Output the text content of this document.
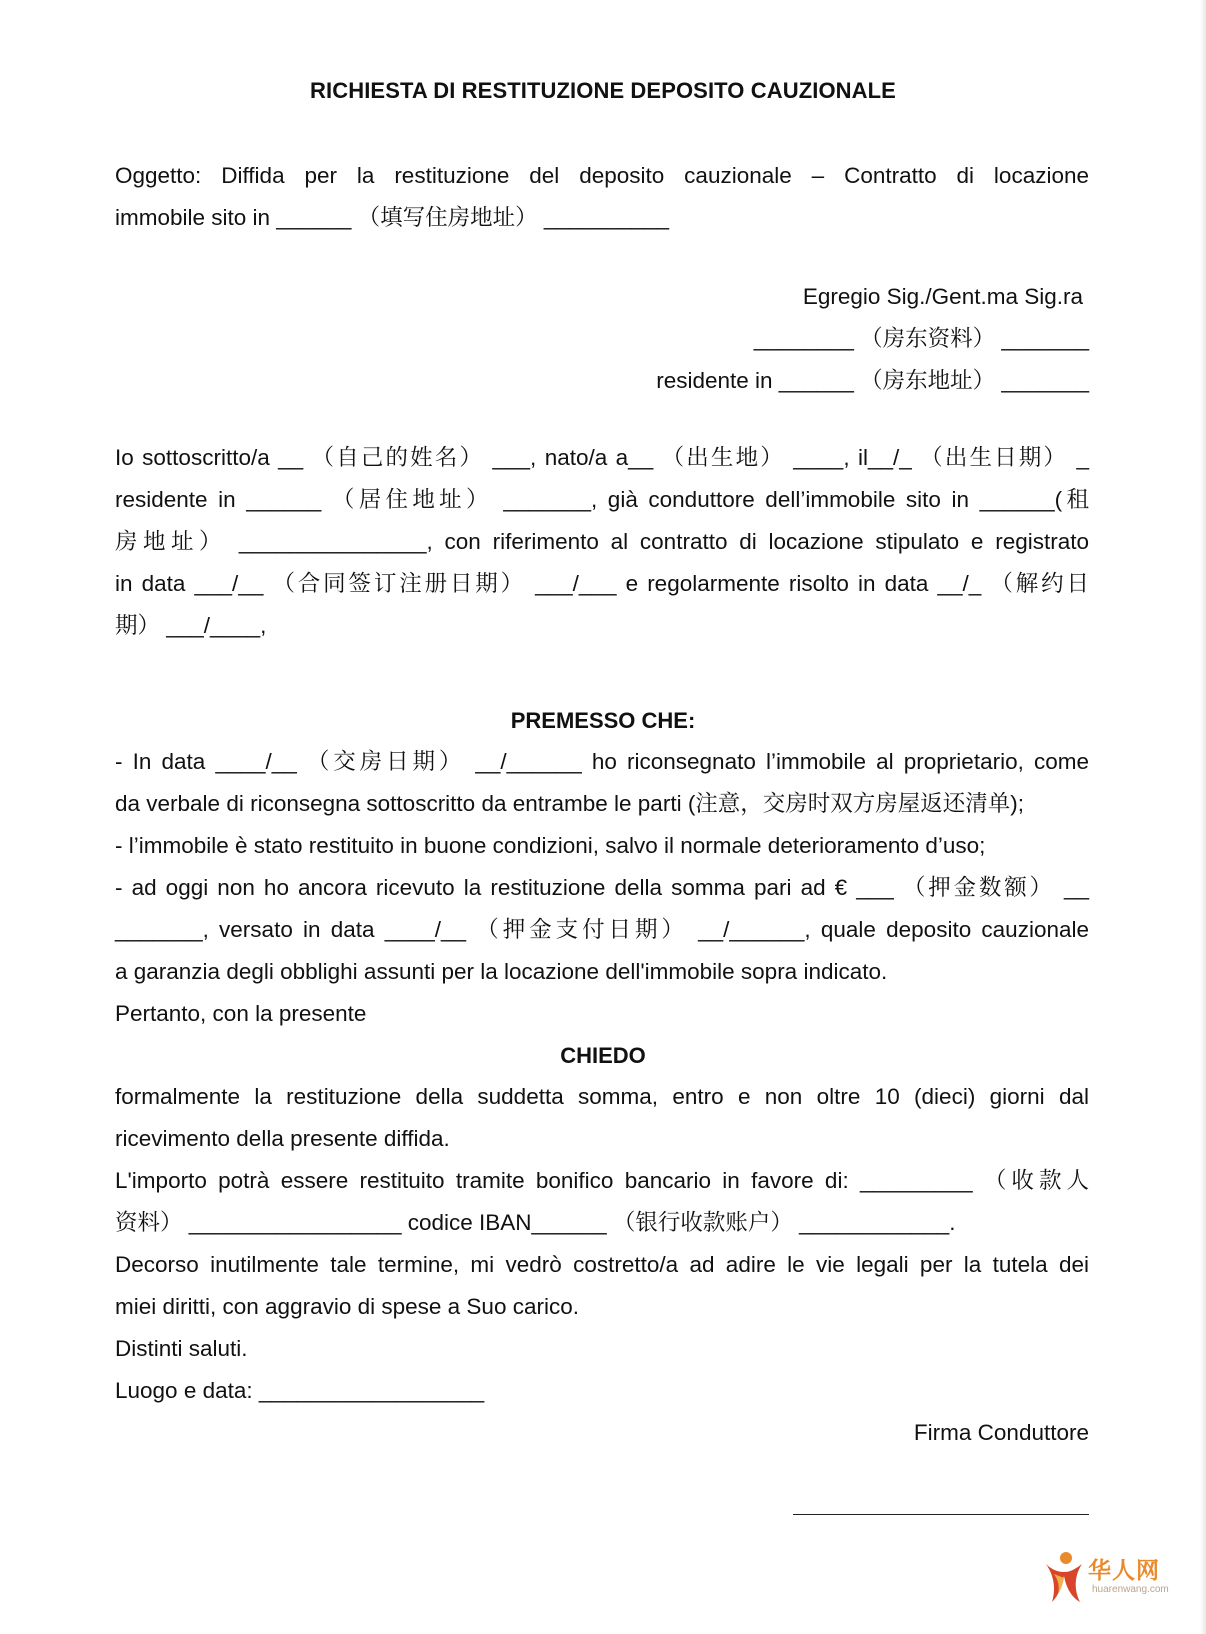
RICHIESTA DI RESTITUZIONE DEPOSITO CAUZIONALE
Oggetto: Diffida per la restituzione del deposito cauzionale – Contratto di locazione
immobile sito in ______ （填写住房地址） __________
Egregio Sig./Gent.ma Sig.ra
________ （房东资料） _______
residente in ______ （房东地址） _______
Io sottoscritto/a __ （自己的姓名） ___, nato/a a__ （出生地） ____, il__/_ （出生日期） _
residente in ______ （居住地址） _______, già conduttore dell’immobile sito in ______(租
房地址） _______________, con riferimento al contratto di locazione stipulato e registrato
in data ___/__ （合同签订注册日期） ___/___ e regolarmente risolto in data __/_ （解约日
期） ___/____,
PREMESSO CHE:
- In data ____/__ （交房日期） __/______ ho riconsegnato l’immobile al proprietario, come
da verbale di riconsegna sottoscritto da entrambe le parti (注意，交房时双方房屋返还清单);
- l’immobile è stato restituito in buone condizioni, salvo il normale deterioramento d’uso;
- ad oggi non ho ancora ricevuto la restituzione della somma pari ad € ___ （押金数额） __
_______, versato in data ____/__ （押金支付日期） __/______, quale deposito cauzionale
a garanzia degli obblighi assunti per la locazione dell'immobile sopra indicato.
Pertanto, con la presente
CHIEDO
formalmente la restituzione della suddetta somma, entro e non oltre 10 (dieci) giorni dal
ricevimento della presente diffida.
L'importo potrà essere restituito tramite bonifico bancario in favore di: _________ （收款人
资料） _________________ codice IBAN______ （银行收款账户） ____________.
Decorso inutilmente tale termine, mi vedrò costretto/a ad adire le vie legali per la tutela dei
miei diritti, con aggravio di spese a Suo carico.
Distinti saluti.
Luogo e data: __________________
Firma Conduttore
华人网
huarenwang.com
